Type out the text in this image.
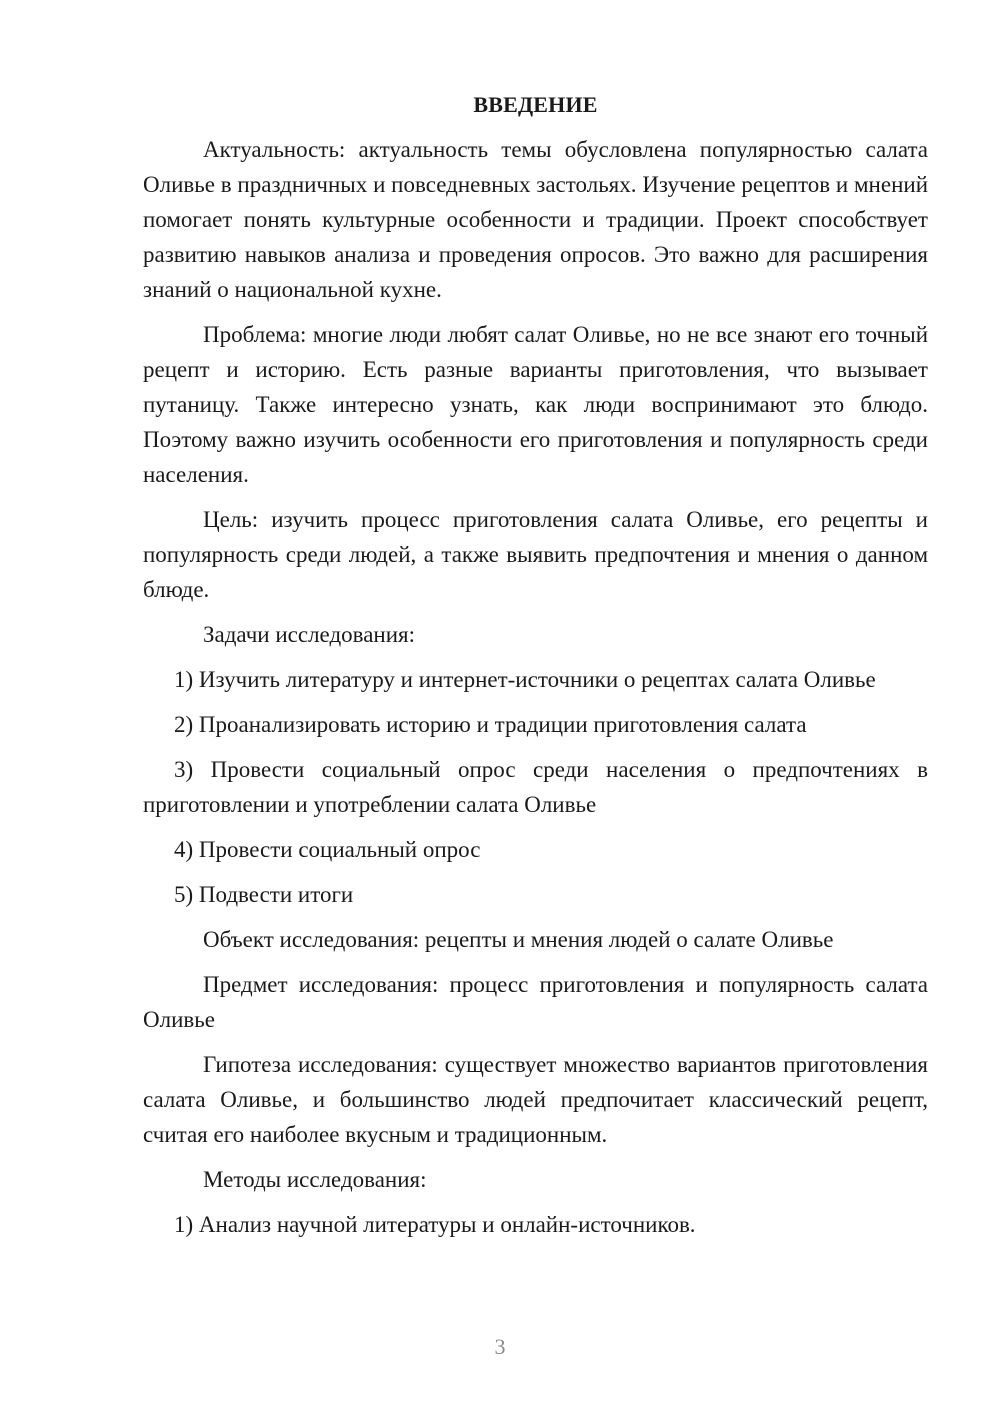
ВВЕДЕНИЕ

Актуальность: актуальность темы обусловлена популярностью салата Оливье в праздничных и повседневных застольях. Изучение рецептов и мнений помогает понять культурные особенности и традиции. Проект способствует развитию навыков анализа и проведения опросов. Это важно для расширения знаний о национальной кухне.

Проблема: многие люди любят салат Оливье, но не все знают его точный рецепт и историю. Есть разные варианты приготовления, что вызывает путаницу. Также интересно узнать, как люди воспринимают это блюдо. Поэтому важно изучить особенности его приготовления и популярность среди населения.

Цель: изучить процесс приготовления салата Оливье, его рецепты и популярность среди людей, а также выявить предпочтения и мнения о данном блюде.

Задачи исследования:

1) Изучить литературу и интернет-источники о рецептах салата Оливье

2) Проанализировать историю и традиции приготовления салата

3) Провести социальный опрос среди населения о предпочтениях в приготовлении и употреблении салата Оливье

4) Провести социальный опрос

5) Подвести итоги

Объект исследования: рецепты и мнения людей о салате Оливье

Предмет исследования: процесс приготовления и популярность салата Оливье

Гипотеза исследования: существует множество вариантов приготовления салата Оливье, и большинство людей предпочитает классический рецепт, считая его наиболее вкусным и традиционным.

Методы исследования:

1) Анализ научной литературы и онлайн-источников.

3
